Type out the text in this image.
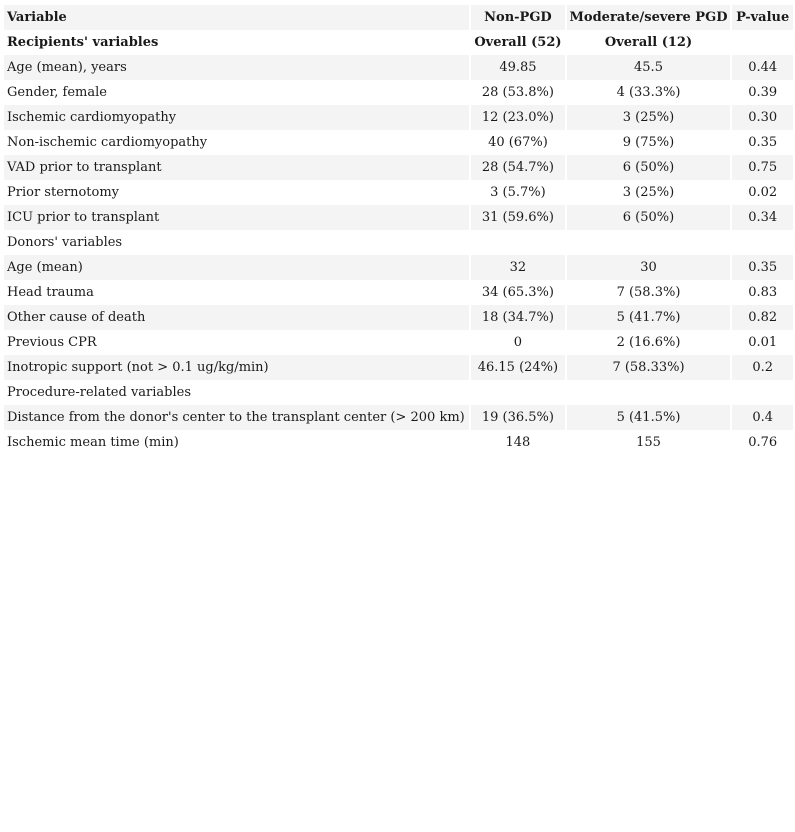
Variable	Non-PGD	Moderate/severe PGD	P-value
Recipients' variables	Overall (52)	Overall (12)	
Age (mean), years	49.85	45.5	0.44
Gender, female	28 (53.8%)	4 (33.3%)	0.39
Ischemic cardiomyopathy	12 (23.0%)	3 (25%)	0.30
Non-ischemic cardiomyopathy	40 (67%)	9 (75%)	0.35
VAD prior to transplant	28 (54.7%)	6 (50%)	0.75
Prior sternotomy	3 (5.7%)	3 (25%)	0.02
ICU prior to transplant	31 (59.6%)	6 (50%)	0.34
Donors' variables			
Age (mean)	32	30	0.35
Head trauma	34 (65.3%)	7 (58.3%)	0.83
Other cause of death	18 (34.7%)	5 (41.7%)	0.82
Previous CPR	0	2 (16.6%)	0.01
Inotropic support (not > 0.1 ug/kg/min)	46.15 (24%)	7 (58.33%)	0.2
Procedure-related variables			
Distance from the donor's center to the transplant center (> 200 km)	19 (36.5%)	5 (41.5%)	0.4
Ischemic mean time (min)	148	155	0.76
